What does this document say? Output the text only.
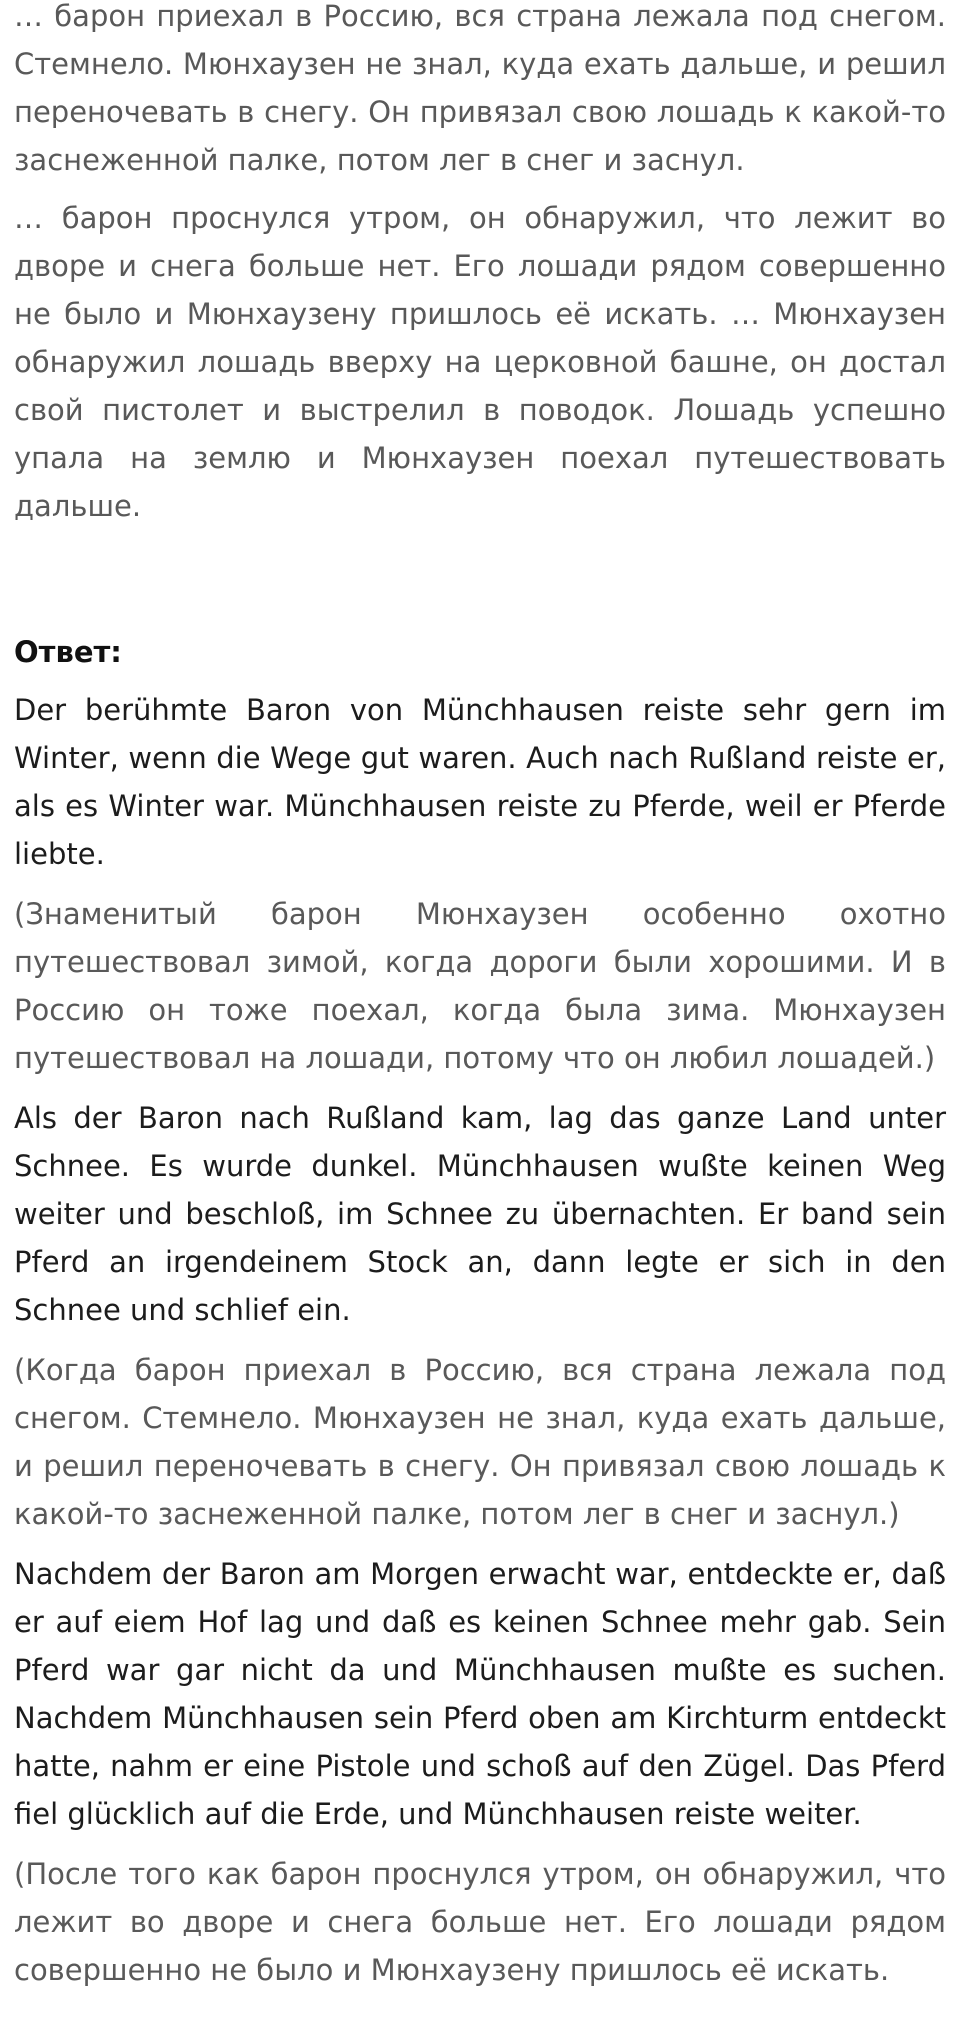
… барон приехал в Россию, вся страна лежала под снегом. Стемнело. Мюнхаузен не знал, куда ехать дальше, и решил переночевать в снегу. Он привязал свою лошадь к какой-то заснеженной палке, потом лег в снег и заснул.

… барон проснулся утром, он обнаружил, что лежит во дворе и снега больше нет. Его лошади рядом совершенно не было и Мюнхаузену пришлось её искать. … Мюнхаузен обнаружил лошадь вверху на церковной башне, он достал свой пистолет и выстрелил в поводок. Лошадь успешно упала на землю и Мюнхаузен поехал путешествовать дальше.

Ответ:

Der berühmte Baron von Münchhausen reiste sehr gern im Winter, wenn die Wege gut waren. Auch nach Rußland reiste er, als es Winter war. Münchhausen reiste zu Pferde, weil er Pferde liebte.

(Знаменитый барон Мюнхаузен особенно охотно путешествовал зимой, когда дороги были хорошими. И в Россию он тоже поехал, когда была зима. Мюнхаузен путешествовал на лошади, потому что он любил лошадей.)

Als der Baron nach Rußland kam, lag das ganze Land unter Schnee. Es wurde dunkel. Münchhausen wußte keinen Weg weiter und beschloß, im Schnee zu übernachten. Er band sein Pferd an irgendeinem Stock an, dann legte er sich in den Schnee und schlief ein.

(Когда барон приехал в Россию, вся страна лежала под снегом. Стемнело. Мюнхаузен не знал, куда ехать дальше, и решил переночевать в снегу. Он привязал свою лошадь к какой-то заснеженной палке, потом лег в снег и заснул.)

Nachdem der Baron am Morgen erwacht war, entdeckte er, daß er auf eiem Hof lag und daß es keinen Schnee mehr gab. Sein Pferd war gar nicht da und Münchhausen mußte es suchen. Nachdem Münchhausen sein Pferd oben am Kirchturm entdeckt hatte, nahm er eine Pistole und schoß auf den Zügel. Das Pferd fiel glücklich auf die Erde, und Münchhausen reiste weiter.

(После того как барон проснулся утром, он обнаружил, что лежит во дворе и снега больше нет. Его лошади рядом совершенно не было и Мюнхаузену пришлось её искать.
